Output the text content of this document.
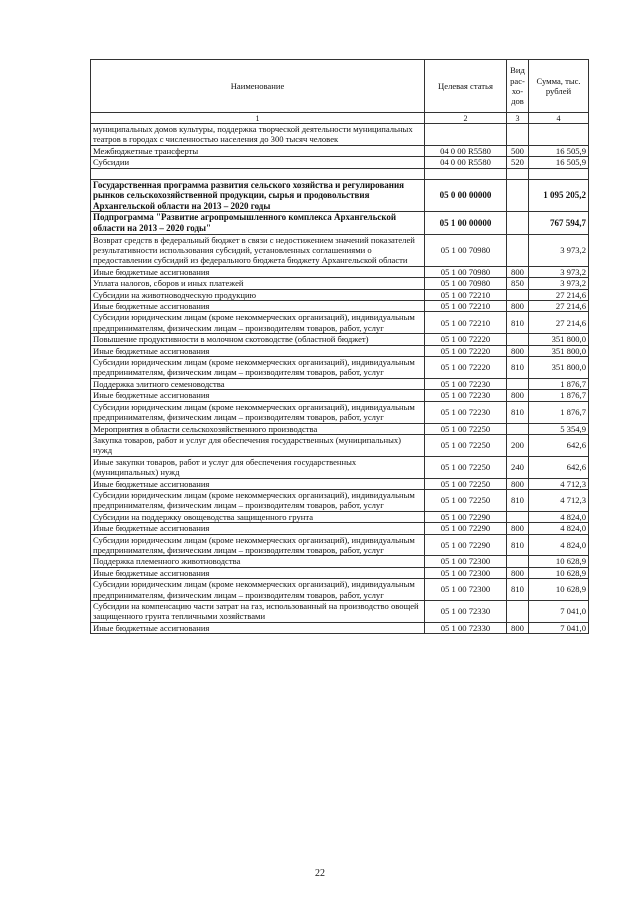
Наименование	Целевая статья	Вид рас-хо-дов	Сумма, тыс. рублей
1	2	3	4
муниципальных домов культуры, поддержка творческой деятельности муниципальных театров в городах с численностью населения до 300 тысяч человек			
Межбюджетные трансферты	04 0 00 R5580	500	16 505,9
Субсидии	04 0 00 R5580	520	16 505,9

Государственная программа развития сельского хозяйства и регулирования рынков сельскохозяйственной продукции, сырья и продовольствия Архангельской области на 2013 – 2020 годы	05 0 00 00000		1 095 205,2
Подпрограмма "Развитие агропромышленного комплекса Архангельской области на 2013 – 2020 годы"	05 1 00 00000		767 594,7
Возврат средств в федеральный бюджет в связи с недостижением значений показателей результативности использования субсидий, установленных соглашениями о предоставлении субсидий из федерального бюджета бюджету Архангельской области	05 1 00 70980		3 973,2
Иные бюджетные ассигнования	05 1 00 70980	800	3 973,2
Уплата налогов, сборов и иных платежей	05 1 00 70980	850	3 973,2
Субсидии на животноводческую продукцию	05 1 00 72210		27 214,6
Иные бюджетные ассигнования	05 1 00 72210	800	27 214,6
Субсидии юридическим лицам (кроме некоммерческих организаций), индивидуальным предпринимателям, физическим лицам – производителям товаров, работ, услуг	05 1 00 72210	810	27 214,6
Повышение продуктивности в молочном скотоводстве (областной бюджет)	05 1 00 72220		351 800,0
Иные бюджетные ассигнования	05 1 00 72220	800	351 800,0
Субсидии юридическим лицам (кроме некоммерческих организаций), индивидуальным предпринимателям, физическим лицам – производителям товаров, работ, услуг	05 1 00 72220	810	351 800,0
Поддержка элитного семеноводства	05 1 00 72230		1 876,7
Иные бюджетные ассигнования	05 1 00 72230	800	1 876,7
Субсидии юридическим лицам (кроме некоммерческих организаций), индивидуальным предпринимателям, физическим лицам – производителям товаров, работ, услуг	05 1 00 72230	810	1 876,7
Мероприятия в области сельскохозяйственного производства	05 1 00 72250		5 354,9
Закупка товаров, работ и услуг для обеспечения государственных (муниципальных) нужд	05 1 00 72250	200	642,6
Иные закупки товаров, работ и услуг для обеспечения государственных (муниципальных) нужд	05 1 00 72250	240	642,6
Иные бюджетные ассигнования	05 1 00 72250	800	4 712,3
Субсидии юридическим лицам (кроме некоммерческих организаций), индивидуальным предпринимателям, физическим лицам – производителям товаров, работ, услуг	05 1 00 72250	810	4 712,3
Субсидии на поддержку овощеводства защищенного грунта	05 1 00 72290		4 824,0
Иные бюджетные ассигнования	05 1 00 72290	800	4 824,0
Субсидии юридическим лицам (кроме некоммерческих организаций), индивидуальным предпринимателям, физическим лицам – производителям товаров, работ, услуг	05 1 00 72290	810	4 824,0
Поддержка племенного животноводства	05 1 00 72300		10 628,9
Иные бюджетные ассигнования	05 1 00 72300	800	10 628,9
Субсидии юридическим лицам (кроме некоммерческих организаций), индивидуальным предпринимателям, физическим лицам – производителям товаров, работ, услуг	05 1 00 72300	810	10 628,9
Субсидии на компенсацию части затрат на газ, использованный на производство овощей защищенного грунта тепличными хозяйствами	05 1 00 72330		7 041,0
Иные бюджетные ассигнования	05 1 00 72330	800	7 041,0
22
